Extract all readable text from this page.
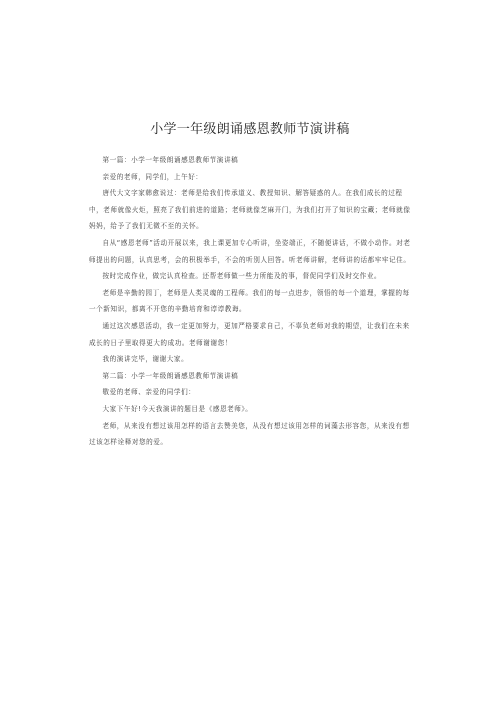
小学一年级朗诵感恩教师节演讲稿

第一篇：小学一年级朗诵感恩教师节演讲稿

亲爱的老师，同学们，上午好：

唐代大文字家韩愈说过：老师是给我们传承道义、教授知识、解答疑惑的人。在我们成长的过程中，老师就像火炬，照亮了我们前进的道路；老师就像芝麻开门，为我们打开了知识的宝藏；老师就像妈妈，给予了我们无微不至的关怀。

自从“感恩老师”活动开展以来，我上课更加专心听讲，坐姿端正，不随便讲话，不做小动作。对老师提出的问题，认真思考，会的积极举手，不会的听别人回答。听老师讲解，老师讲的话都牢牢记住。

按时完成作业，做完认真检查。还帮老师做一些力所能及的事，督促同学们及时交作业。

老师是辛勤的园丁，老师是人类灵魂的工程师。我们的每一点进步，领悟的每一个道理，掌握的每一个新知识，都离不开您的辛勤培育和谆谆教诲。

通过这次感恩活动，我一定更加努力，更加严格要求自己，不辜负老师对我的期望，让我们在未来成长的日子里取得更大的成功。老师谢谢您！

我的演讲完毕，谢谢大家。

第二篇：小学一年级朗诵感恩教师节演讲稿

敬爱的老师、亲爱的同学们：

大家下午好!今天我演讲的题目是《感恩老师》。

老师，从来没有想过该用怎样的语言去赞美您，从没有想过该用怎样的词藻去形容您，从来没有想过该怎样诠释对您的爱。
